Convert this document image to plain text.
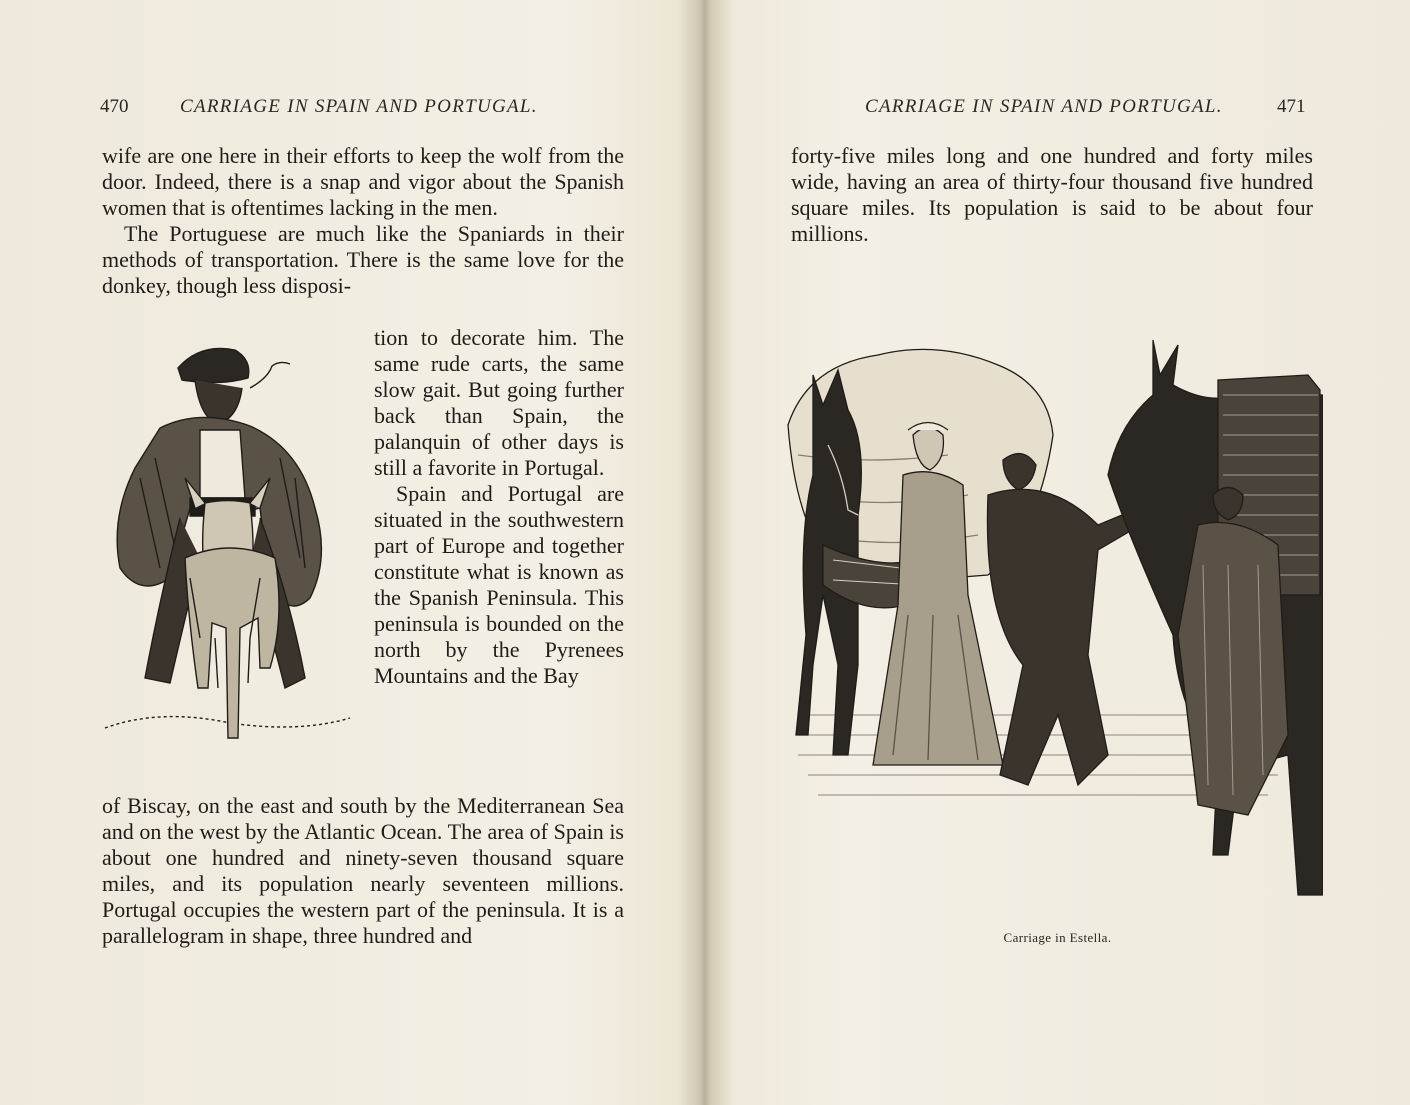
470	CARRIAGE IN SPAIN AND PORTUGAL.

wife are one here in their efforts to keep the wolf from the door. Indeed, there is a snap and vigor about the Spanish women that is oftentimes lacking in the men.

The Portuguese are much like the Spaniards in their methods of transportation. There is the same love for the donkey, though less disposi-

tion to decorate him. The same rude carts, the same slow gait. But going further back than Spain, the palanquin of other days is still a favorite in Portugal.

Spain and Portugal are situated in the southwestern part of Europe and together constitute what is known as the Spanish Peninsula. This peninsula is bounded on the north by the Pyrenees Mountains and the Bay

of Biscay, on the east and south by the Mediterranean Sea and on the west by the Atlantic Ocean. The area of Spain is about one hundred and ninety-seven thousand square miles, and its population nearly seventeen millions. Portugal occupies the western part of the peninsula. It is a parallelogram in shape, three hundred and

CARRIAGE IN SPAIN AND PORTUGAL.	471

forty-five miles long and one hundred and forty miles wide, having an area of thirty-four thousand five hundred square miles. Its population is said to be about four millions.

Carriage in Estella.
